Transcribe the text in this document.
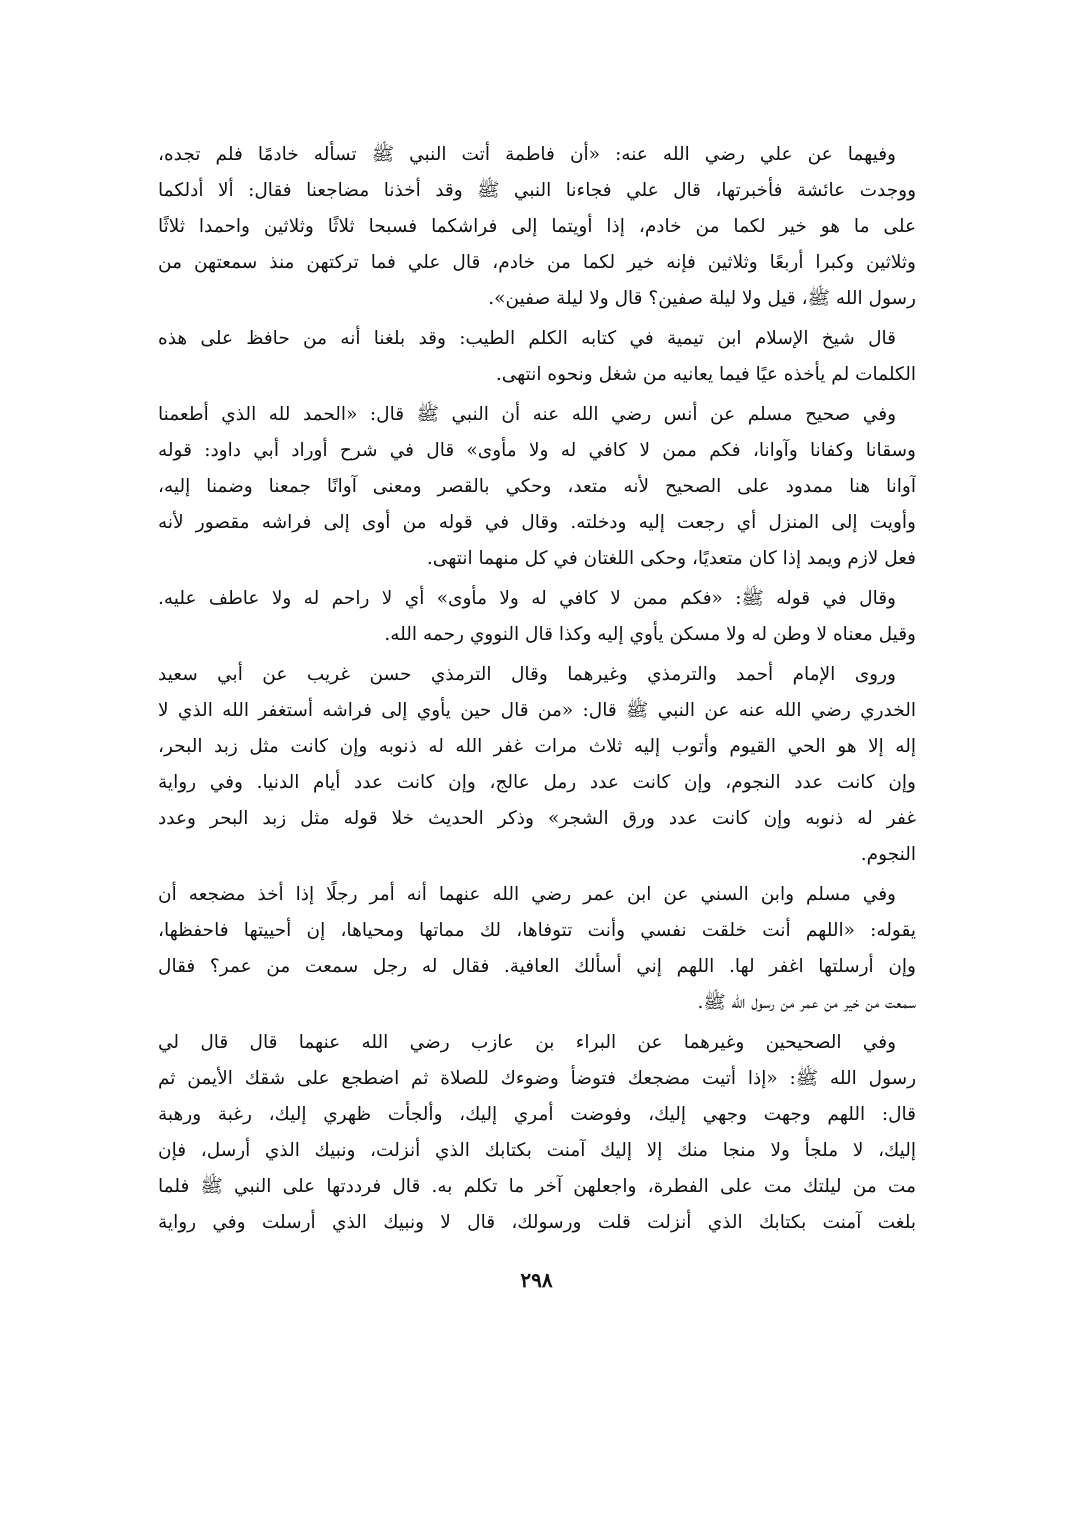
وفيهما عن علي رضي الله عنه: «أن فاطمة أتت النبي ﷺ تسأله خادمًا فلم تجده،
ووجدت عائشة فأخبرتها، قال علي فجاءنا النبي ﷺ وقد أخذنا مضاجعنا فقال: ألا أدلكما
على ما هو خير لكما من خادم، إذا أويتما إلى فراشكما فسبحا ثلاثًا وثلاثين واحمدا ثلاثًا
وثلاثين وكبرا أربعًا وثلاثين فإنه خير لكما من خادم، قال علي فما تركتهن منذ سمعتهن من
رسول الله ﷺ، قيل ولا ليلة صفين؟ قال ولا ليلة صفين».
قال شيخ الإسلام ابن تيمية في كتابه الكلم الطيب: وقد بلغنا أنه من حافظ على هذه
الكلمات لم يأخذه عيًا فيما يعانيه من شغل ونحوه انتهى.
وفي صحيح مسلم عن أنس رضي الله عنه أن النبي ﷺ قال: «الحمد لله الذي أطعمنا
وسقانا وكفانا وآوانا، فكم ممن لا كافي له ولا مأوى» قال في شرح أوراد أبي داود: قوله
آوانا هنا ممدود على الصحيح لأنه متعد، وحكي بالقصر ومعنى آوانًا جمعنا وضمنا إليه،
وأويت إلى المنزل أي رجعت إليه ودخلته. وقال في قوله من أوى إلى فراشه مقصور لأنه
فعل لازم ويمد إذا كان متعديًا، وحكى اللغتان في كل منهما انتهى.
وقال في قوله ﷺ: «فكم ممن لا كافي له ولا مأوى» أي لا راحم له ولا عاطف عليه.
وقيل معناه لا وطن له ولا مسكن يأوي إليه وكذا قال النووي رحمه الله.
وروى الإمام أحمد والترمذي وغيرهما وقال الترمذي حسن غريب عن أبي سعيد
الخدري رضي الله عنه عن النبي ﷺ قال: «من قال حين يأوي إلى فراشه أستغفر الله الذي لا
إله إلا هو الحي القيوم وأتوب إليه ثلاث مرات غفر الله له ذنوبه وإن كانت مثل زبد البحر،
وإن كانت عدد النجوم، وإن كانت عدد رمل عالج، وإن كانت عدد أيام الدنيا. وفي رواية
غفر له ذنوبه وإن كانت عدد ورق الشجر» وذكر الحديث خلا قوله مثل زبد البحر وعدد
النجوم.
وفي مسلم وابن السني عن ابن عمر رضي الله عنهما أنه أمر رجلًا إذا أخذ مضجعه أن
يقوله: «اللهم أنت خلقت نفسي وأنت تتوفاها، لك مماتها ومحياها، إن أحييتها فاحفظها،
وإن أرسلتها اغفر لها. اللهم إني أسألك العافية. فقال له رجل سمعت من عمر؟ فقال
سمعت من خير من عمر من رسول الله ﷺ.
وفي الصحيحين وغيرهما عن البراء بن عازب رضي الله عنهما قال قال لي
رسول الله ﷺ: «إذا أتيت مضجعك فتوضأ وضوءك للصلاة ثم اضطجع على شقك الأيمن ثم
قال: اللهم وجهت وجهي إليك، وفوضت أمري إليك، وألجأت ظهري إليك، رغبة ورهبة
إليك، لا ملجأ ولا منجا منك إلا إليك آمنت بكتابك الذي أنزلت، ونبيك الذي أرسل، فإن
مت من ليلتك مت على الفطرة، واجعلهن آخر ما تكلم به. قال فرددتها على النبي ﷺ فلما
بلغت آمنت بكتابك الذي أنزلت قلت ورسولك، قال لا ونبيك الذي أرسلت وفي رواية
٢٩٨
